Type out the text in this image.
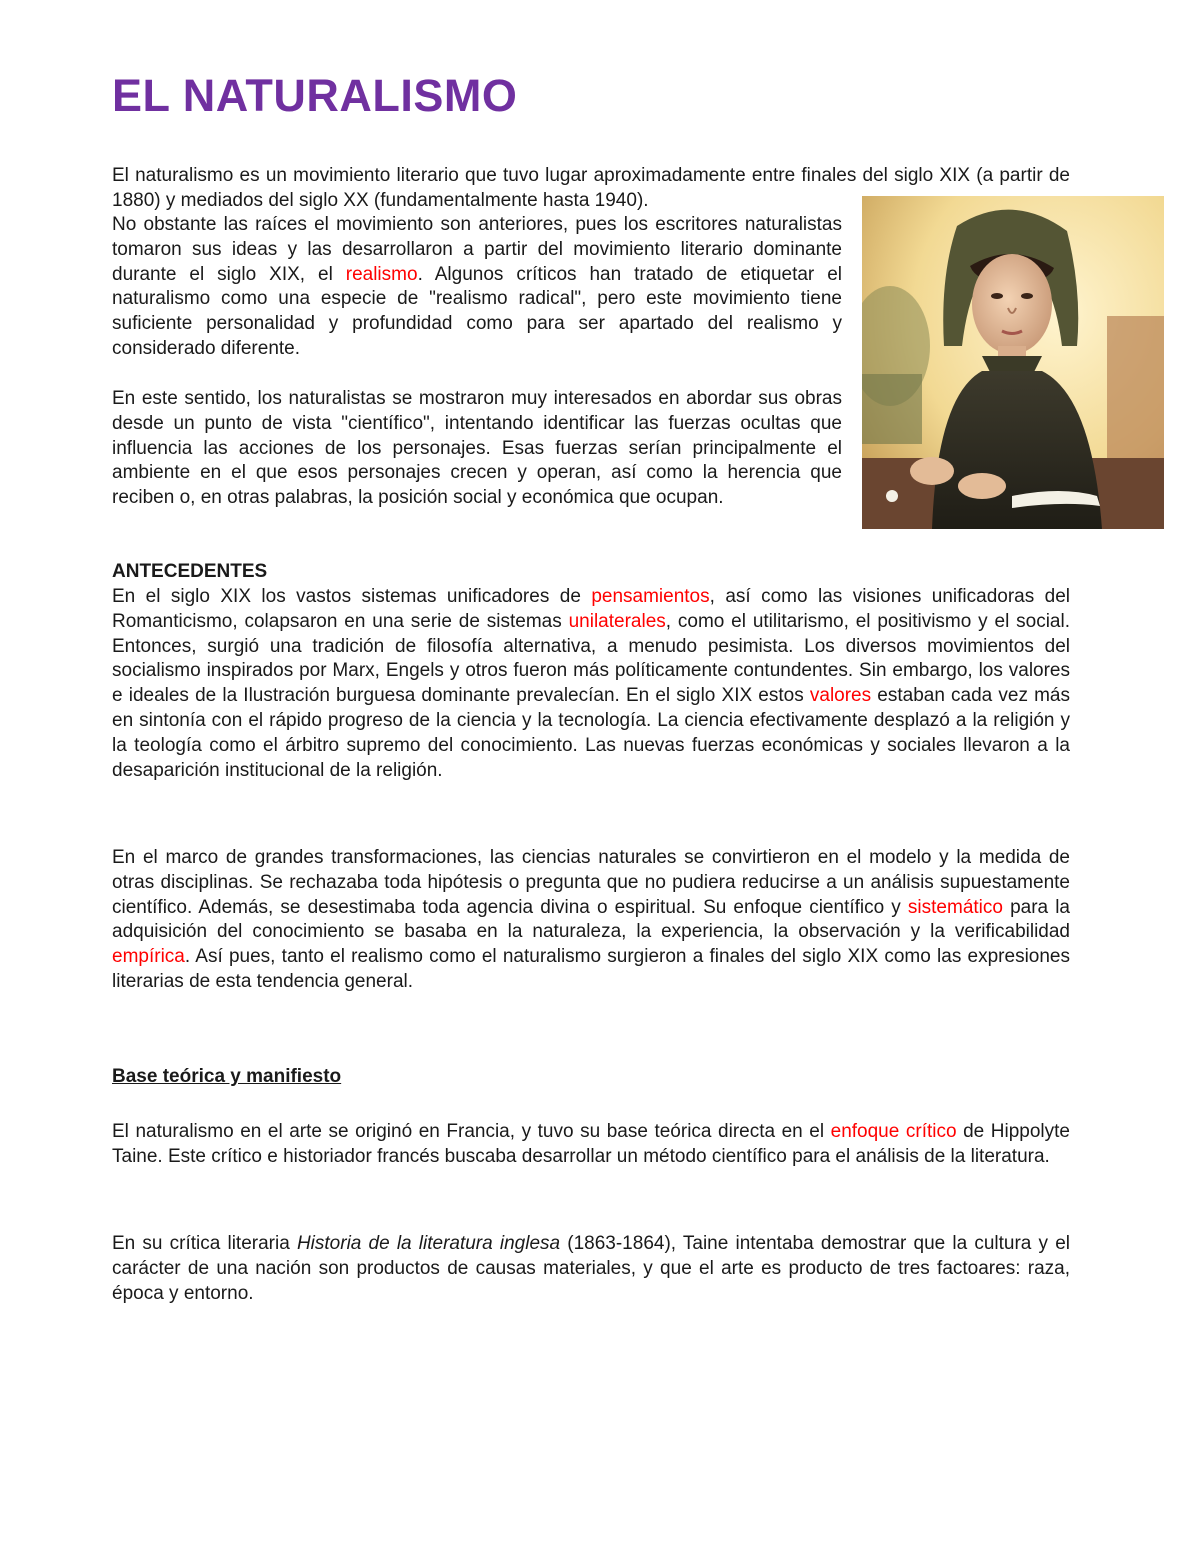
EL NATURALISMO

El naturalismo es un movimiento literario que tuvo lugar aproximadamente entre finales del siglo XIX (a partir de 1880) y mediados del siglo XX (fundamentalmente hasta 1940).

No obstante las raíces el movimiento son anteriores, pues los escritores naturalistas tomaron sus ideas y las desarrollaron a partir del movimiento literario dominante durante el siglo XIX, el realismo. Algunos críticos han tratado de etiquetar el naturalismo como una especie de "realismo radical", pero este movimiento tiene suficiente personalidad y profundidad como para ser apartado del realismo y considerado diferente.

En este sentido, los naturalistas se mostraron muy interesados en abordar sus obras desde un punto de vista "científico", intentando identificar las fuerzas ocultas que influencia las acciones de los personajes. Esas fuerzas serían principalmente el ambiente en el que esos personajes crecen y operan, así como la herencia que reciben o, en otras palabras, la posición social y económica que ocupan.

ANTECEDENTES

En el siglo XIX los vastos sistemas unificadores de pensamientos, así como las visiones unificadoras del Romanticismo, colapsaron en una serie de sistemas unilaterales, como el utilitarismo, el positivismo y el social. Entonces, surgió una tradición de filosofía alternativa, a menudo pesimista. Los diversos movimientos del socialismo inspirados por Marx, Engels y otros fueron más políticamente contundentes. Sin embargo, los valores e ideales de la Ilustración burguesa dominante prevalecían. En el siglo XIX estos valores estaban cada vez más en sintonía con el rápido progreso de la ciencia y la tecnología. La ciencia efectivamente desplazó a la religión y la teología como el árbitro supremo del conocimiento. Las nuevas fuerzas económicas y sociales llevaron a la desaparición institucional de la religión.

En el marco de grandes transformaciones, las ciencias naturales se convirtieron en el modelo y la medida de otras disciplinas. Se rechazaba toda hipótesis o pregunta que no pudiera reducirse a un análisis supuestamente científico. Además, se desestimaba toda agencia divina o espiritual. Su enfoque científico y sistemático para la adquisición del conocimiento se basaba en la naturaleza, la experiencia, la observación y la verificabilidad empírica. Así pues, tanto el realismo como el naturalismo surgieron a finales del siglo XIX como las expresiones literarias de esta tendencia general.

Base teórica y manifiesto

El naturalismo en el arte se originó en Francia, y tuvo su base teórica directa en el enfoque crítico de Hippolyte Taine. Este crítico e historiador francés buscaba desarrollar un método científico para el análisis de la literatura.

En su crítica literaria Historia de la literatura inglesa (1863-1864), Taine intentaba demostrar que la cultura y el carácter de una nación son productos de causas materiales, y que el arte es producto de tres factoares: raza, época y entorno.
